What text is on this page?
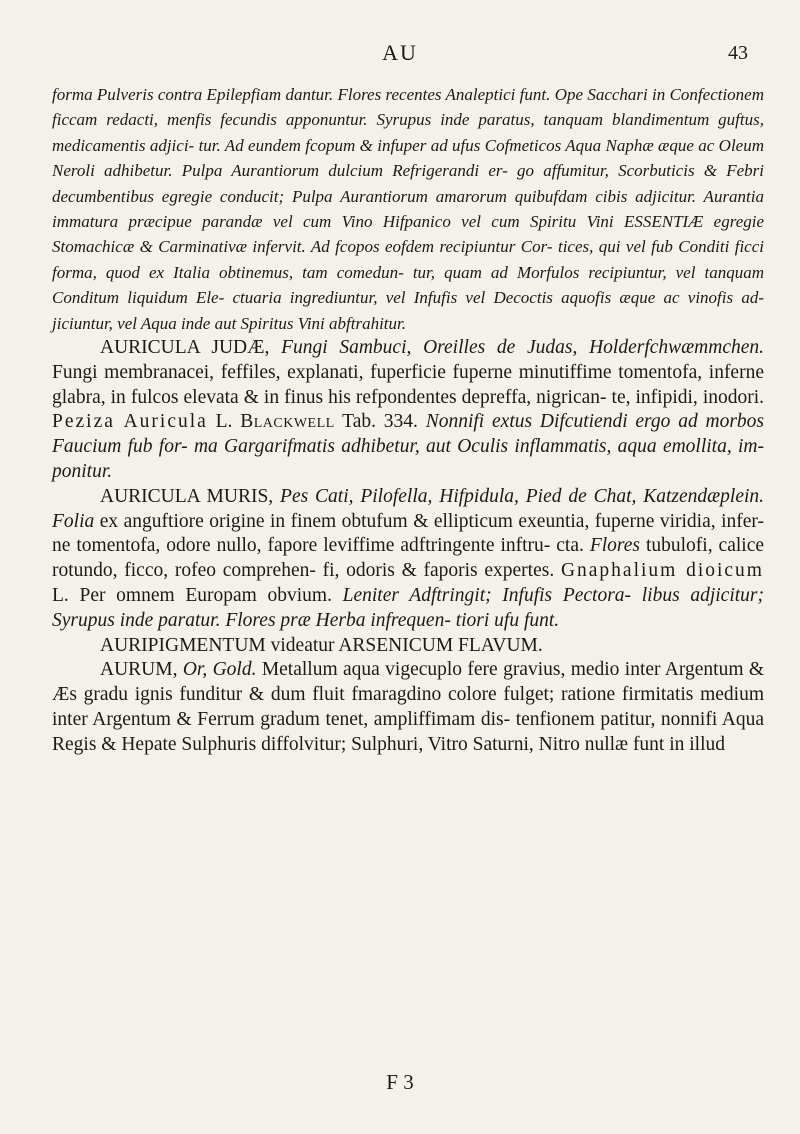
AU	43

forma Pulveris contra Epilepfiam dantur. Flores recentes Analeptici funt. Ope Sacchari in Confectionem ficcam redacti, menfis fecundis apponuntur. Syrupus inde paratus, tanquam blandimentum guftus, medicamentis adjici- tur. Ad eundem fcopum & infuper ad ufus Cofmeticos Aqua Naphæ æque ac Oleum Neroli adhibetur. Pulpa Aurantiorum dulcium Refrigerandi er- go affumitur, Scorbuticis & Febri decumbentibus egregie conducit; Pulpa Aurantiorum amarorum quibufdam cibis adjicitur. Aurantia immatura præcipue parandæ vel cum Vino Hifpanico vel cum Spiritu Vini ESSENTIÆ egregie Stomachicæ & Carminativæ infervit. Ad fcopos eofdem recipiuntur Cor- tices, qui vel fub Conditi ficci forma, quod ex Italia obtinemus, tam comedun- tur, quam ad Morfulos recipiuntur, vel tanquam Conditum liquidum Ele- ctuaria ingrediuntur, vel Infufis vel Decoctis aquofis æque ac vinofis ad- jiciuntur, vel Aqua inde aut Spiritus Vini abftrahitur.

AURICULA JUDÆ, Fungi Sambuci, Oreilles de Judas, Holderfchwæmmchen. Fungi membranacei, feffiles, explanati, fuperficie fuperne minutiffime tomentofa, inferne glabra, in fulcos elevata & in finus his refpondentes depreffa, nigrican- te, infipidi, inodori. Peziza Auricula L. Blackwell Tab. 334. Nonnifi extus Difcutiendi ergo ad morbos Faucium fub for- ma Gargarifmatis adhibetur, aut Oculis inflammatis, aqua emollita, im- ponitur.

AURICULA MURIS, Pes Cati, Pilofella, Hifpidula, Pied de Chat, Katzendæplein. Folia ex anguftiore origine in finem obtufum & ellipticum exeuntia, fuperne viridia, infer- ne tomentofa, odore nullo, fapore leviffime adftringente inftru- cta. Flores tubulofi, calice rotundo, ficco, rofeo comprehen- fi, odoris & faporis expertes. Gnaphalium dioicum L. Per omnem Europam obvium. Leniter Adftringit; Infufis Pectora- libus adjicitur; Syrupus inde paratur. Flores præ Herba infrequen- tiori ufu funt.

AURIPIGMENTUM videatur ARSENICUM FLAVUM.

AURUM, Or, Gold. Metallum aqua vigecuplo fere gravius, medio inter Argentum & Æs gradu ignis funditur & dum fluit fmaragdino colore fulget; ratione firmitatis medium inter Argentum & Ferrum gradum tenet, ampliffimam dis- tenfionem patitur, nonnifi Aqua Regis & Hepate Sulphuris diffolvitur; Sulphuri, Vitro Saturni, Nitro nullæ funt in illud

F 3
